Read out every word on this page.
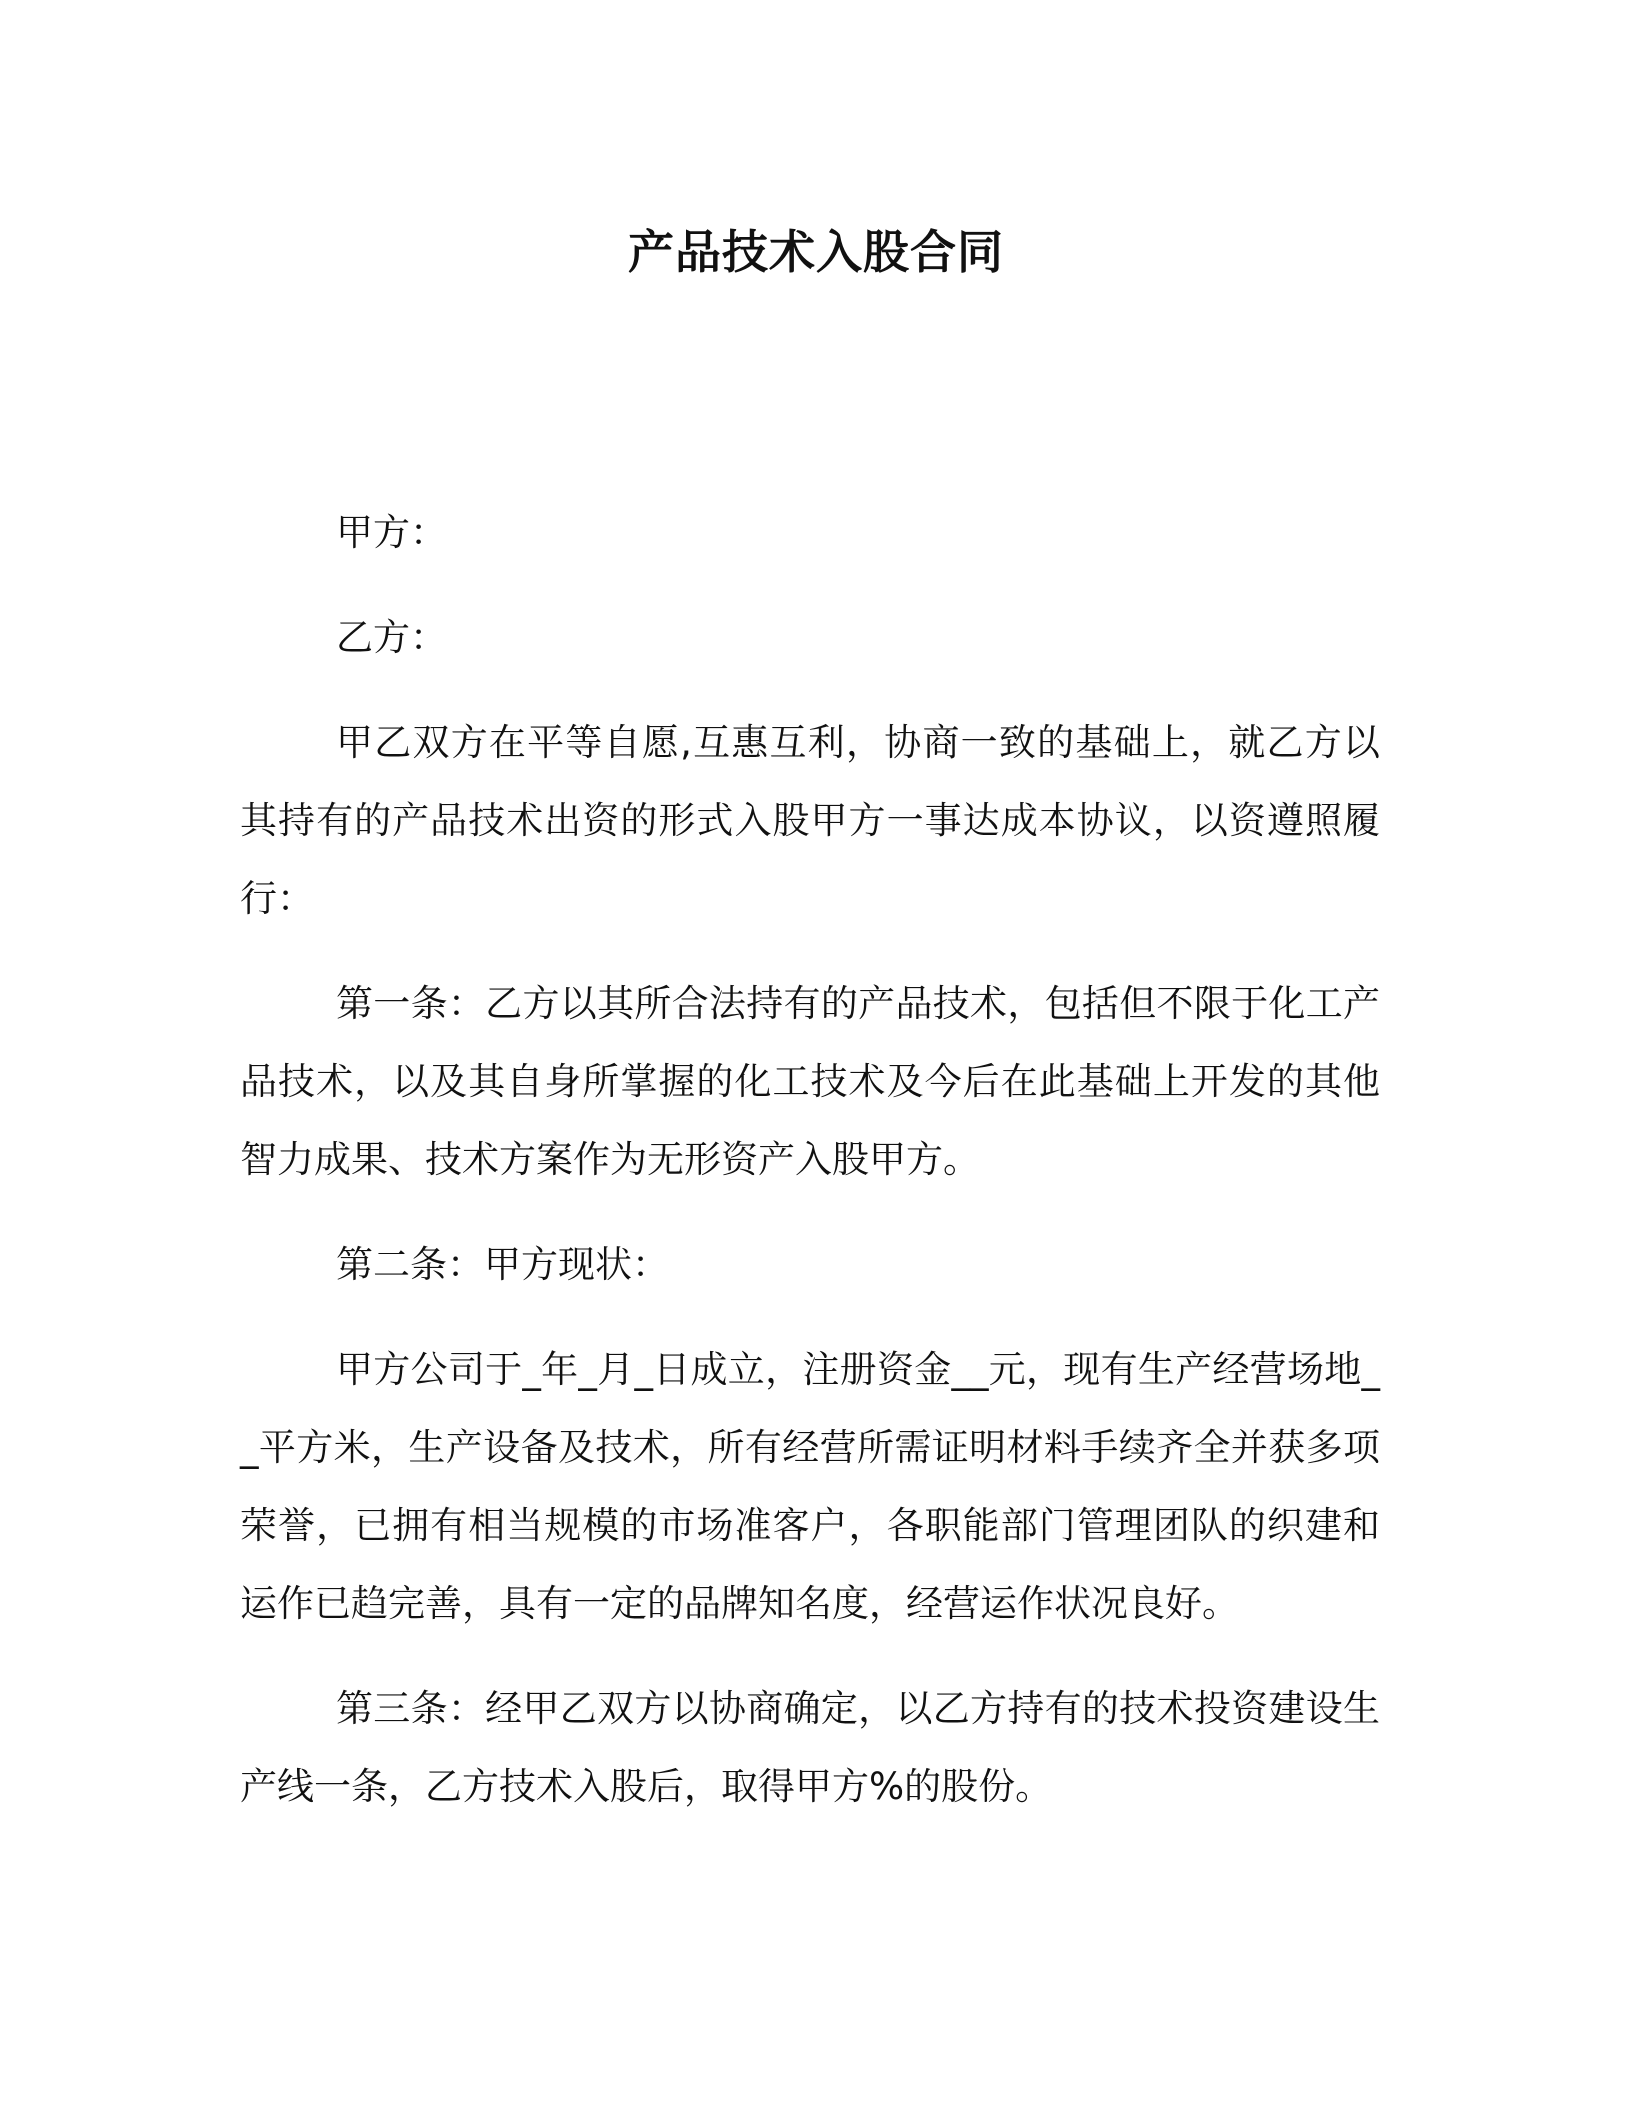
产品技术入股合同

甲方：

乙方：

甲乙双方在平等自愿,互惠互利，协商一致的基础上，就乙方以其持有的产品技术出资的形式入股甲方一事达成本协议，以资遵照履行：

第一条：乙方以其所合法持有的产品技术，包括但不限于化工产品技术，以及其自身所掌握的化工技术及今后在此基础上开发的其他智力成果、技术方案作为无形资产入股甲方。

第二条：甲方现状：

甲方公司于_年_月_日成立，注册资金__元，现有生产经营场地__平方米，生产设备及技术，所有经营所需证明材料手续齐全并获多项荣誉，已拥有相当规模的市场准客户，各职能部门管理团队的织建和运作已趋完善，具有一定的品牌知名度，经营运作状况良好。

第三条：经甲乙双方以协商确定，以乙方持有的技术投资建设生产线一条，乙方技术入股后，取得甲方%的股份。
